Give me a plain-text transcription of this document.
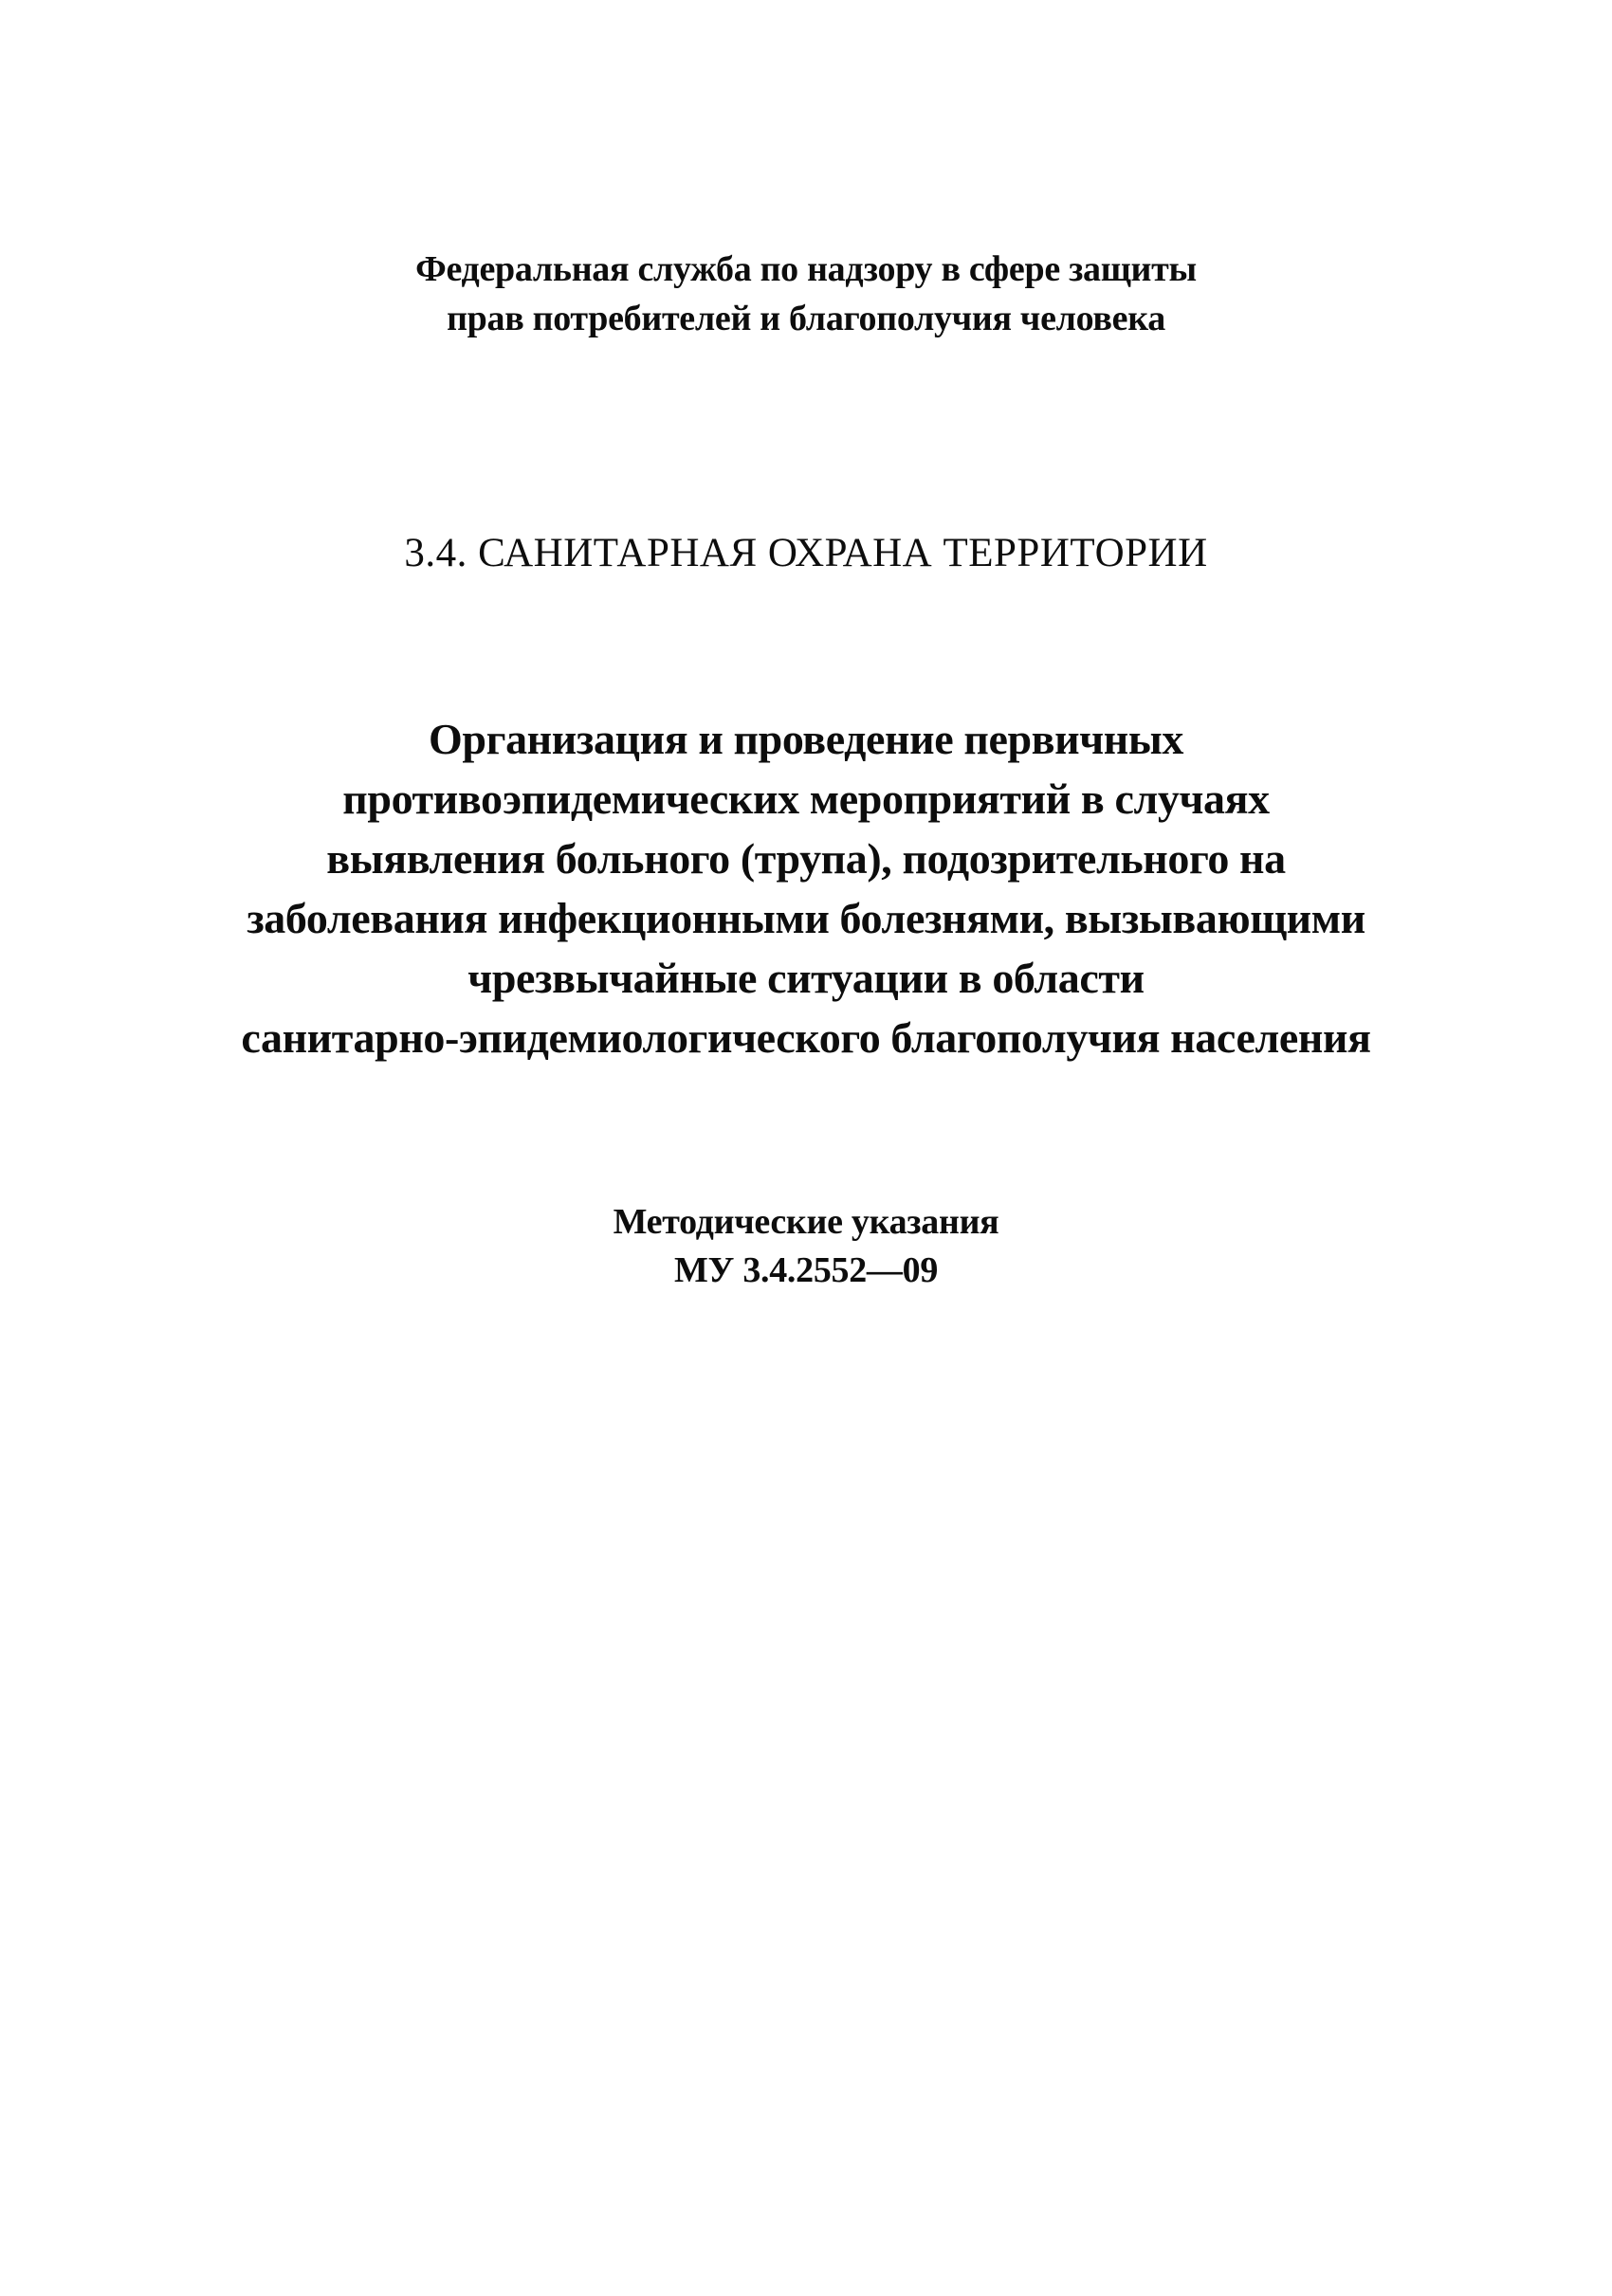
Федеральная служба по надзору в сфере защиты
прав потребителей и благополучия человека
3.4. САНИТАРНАЯ ОХРАНА ТЕРРИТОРИИ
Организация и проведение первичных
противоэпидемических мероприятий в случаях
выявления больного (трупа), подозрительного на
заболевания инфекционными болезнями, вызывающими
чрезвычайные ситуации в области
санитарно-эпидемиологического благополучия населения
Методические указания
МУ 3.4.2552—09
